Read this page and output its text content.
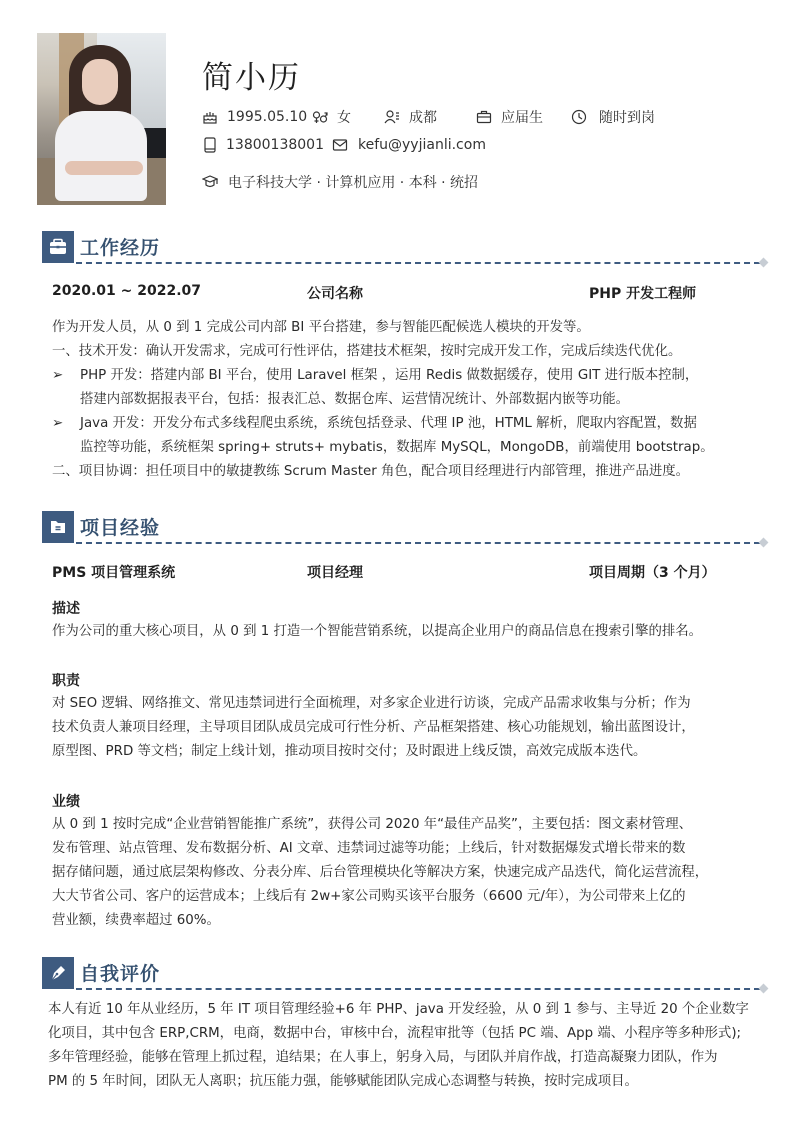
简小历
1995.05.10 女	成都	应届生	随时到岗
13800138001 kefu@yyjianli.com
电子科技大学 · 计算机应用 · 本科 · 统招
工作经历
2020.01 ~ 2022.07	公司名称	PHP 开发工程师

作为开发人员，从 0 到 1 完成公司内部 BI 平台搭建，参与智能匹配候选人模块的开发等。

一、技术开发：确认开发需求，完成可行性评估，搭建技术框架，按时完成开发工作，完成后续迭代优化。

➢	PHP 开发：搭建内部 BI 平台，使用 Laravel 框架 ，运用 Redis 做数据缓存，使用 GIT 进行版本控制，

搭建内部数据报表平台，包括：报表汇总、数据仓库、运营情况统计、外部数据内嵌等功能。

➢	Java 开发：开发分布式多线程爬虫系统，系统包括登录、代理 IP 池，HTML 解析，爬取内容配置，数据

监控等功能，系统框架 spring+ struts+ mybatis，数据库 MySQL，MongoDB，前端使用 bootstrap。

二、项目协调：担任项目中的敏捷教练 Scrum Master 角色，配合项目经理进行内部管理，推进产品进度。

项目经验
PMS 项目管理系统	项目经理	项目周期（3 个月）
描述

作为公司的重大核心项目，从 0 到 1 打造一个智能营销系统，以提高企业用户的商品信息在搜索引擎的排名。

职责

对 SEO 逻辑、网络推文、常见违禁词进行全面梳理，对多家企业进行访谈，完成产品需求收集与分析；作为

技术负责人兼项目经理，主导项目团队成员完成可行性分析、产品框架搭建、核心功能规划，输出蓝图设计，

原型图、PRD 等文档；制定上线计划，推动项目按时交付；及时跟进上线反馈，高效完成版本迭代。

业绩

从 0 到 1 按时完成“企业营销智能推广系统”，获得公司 2020 年“最佳产品奖”，主要包括：图文素材管理、

发布管理、站点管理、发布数据分析、AI 文章、违禁词过滤等功能；上线后，针对数据爆发式增长带来的数

据存储问题，通过底层架构修改、分表分库、后台管理模块化等解决方案，快速完成产品迭代，简化运营流程，

大大节省公司、客户的运营成本；上线后有 2w+家公司购买该平台服务（6600 元/年），为公司带来上亿的

营业额，续费率超过 60%。

自我评价

本人有近 10 年从业经历，5 年 IT 项目管理经验+6 年 PHP、java 开发经验，从 0 到 1 参与、主导近 20 个企业数字

化项目，其中包含 ERP,CRM，电商，数据中台，审核中台，流程审批等（包括 PC 端、App 端、小程序等多种形式);

多年管理经验，能够在管理上抓过程，追结果；在人事上，躬身入局，与团队并肩作战，打造高凝聚力团队，作为

PM 的 5 年时间，团队无人离职；抗压能力强，能够赋能团队完成心态调整与转换，按时完成项目。
